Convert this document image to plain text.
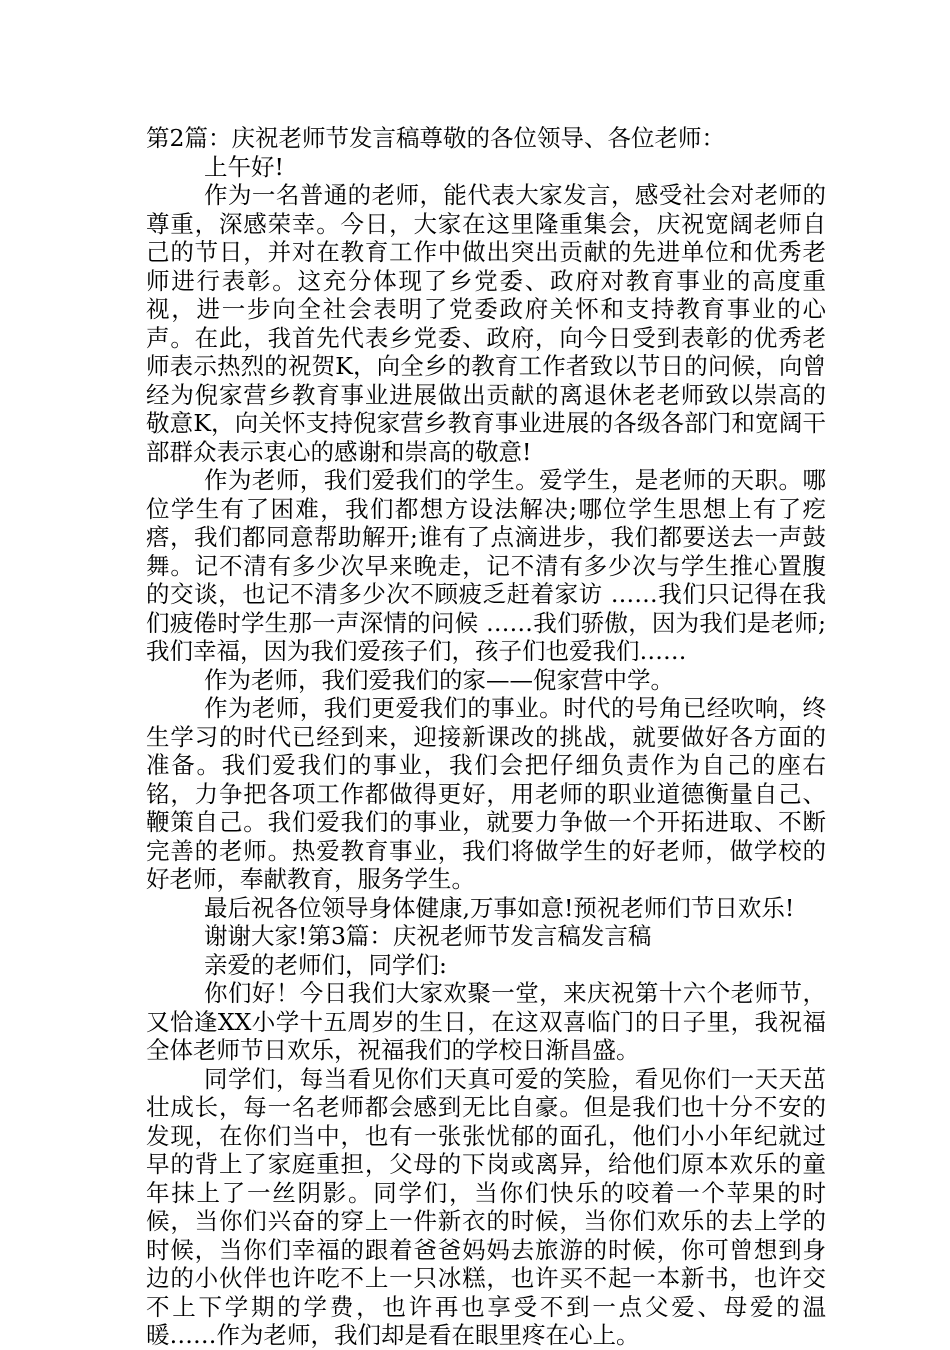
第2篇：庆祝老师节发言稿尊敬的各位领导、各位老师：

上午好!

作为一名普通的老师，能代表大家发言，感受社会对老师的尊重，深感荣幸。今日，大家在这里隆重集会，庆祝宽阔老师自己的节日，并对在教育工作中做出突出贡献的先进单位和优秀老师进行表彰。这充分体现了乡党委、政府对教育事业的高度重视，进一步向全社会表明了党委政府关怀和支持教育事业的心声。在此，我首先代表乡党委、政府，向今日受到表彰的优秀老师表示热烈的祝贺K，向全乡的教育工作者致以节日的问候，向曾经为倪家营乡教育事业进展做出贡献的离退休老老师致以崇高的敬意K，向关怀支持倪家营乡教育事业进展的各级各部门和宽阔干部群众表示衷心的感谢和崇高的敬意!

作为老师，我们爱我们的学生。爱学生，是老师的天职。哪位学生有了困难，我们都想方设法解决;哪位学生思想上有了疙瘩，我们都同意帮助解开;谁有了点滴进步，我们都要送去一声鼓舞。记不清有多少次早来晚走，记不清有多少次与学生推心置腹的交谈，也记不清多少次不顾疲乏赶着家访 ……我们只记得在我们疲倦时学生那一声深情的问候 ……我们骄傲，因为我们是老师;我们幸福，因为我们爱孩子们，孩子们也爱我们……

作为老师，我们爱我们的家——倪家营中学。

作为老师，我们更爱我们的事业。时代的号角已经吹响，终生学习的时代已经到来，迎接新课改的挑战，就要做好各方面的准备。我们爱我们的事业，我们会把仔细负责作为自己的座右铭，力争把各项工作都做得更好，用老师的职业道德衡量自己、鞭策自己。我们爱我们的事业，就要力争做一个开拓进取、不断完善的老师。热爱教育事业，我们将做学生的好老师，做学校的好老师，奉献教育，服务学生。

最后祝各位领导身体健康,万事如意!预祝老师们节日欢乐!

谢谢大家!第3篇：庆祝老师节发言稿发言稿

亲爱的老师们，同学们:

你们好！今日我们大家欢聚一堂，来庆祝第十六个老师节，又恰逢XX小学十五周岁的生日，在这双喜临门的日子里，我祝福全体老师节日欢乐，祝福我们的学校日渐昌盛。

同学们，每当看见你们天真可爱的笑脸，看见你们一天天茁壮成长，每一名老师都会感到无比自豪。但是我们也十分不安的发现，在你们当中，也有一张张忧郁的面孔，他们小小年纪就过早的背上了家庭重担，父母的下岗或离异，给他们原本欢乐的童年抹上了一丝阴影。同学们，当你们快乐的咬着一个苹果的时候，当你们兴奋的穿上一件新衣的时候，当你们欢乐的去上学的时候，当你们幸福的跟着爸爸妈妈去旅游的时候，你可曾想到身边的小伙伴也许吃不上一只冰糕，也许买不起一本新书，也许交不上下学期的学费，也许再也享受不到一点父爱、母爱的温暖……作为老师，我们却是看在眼里疼在心上。
